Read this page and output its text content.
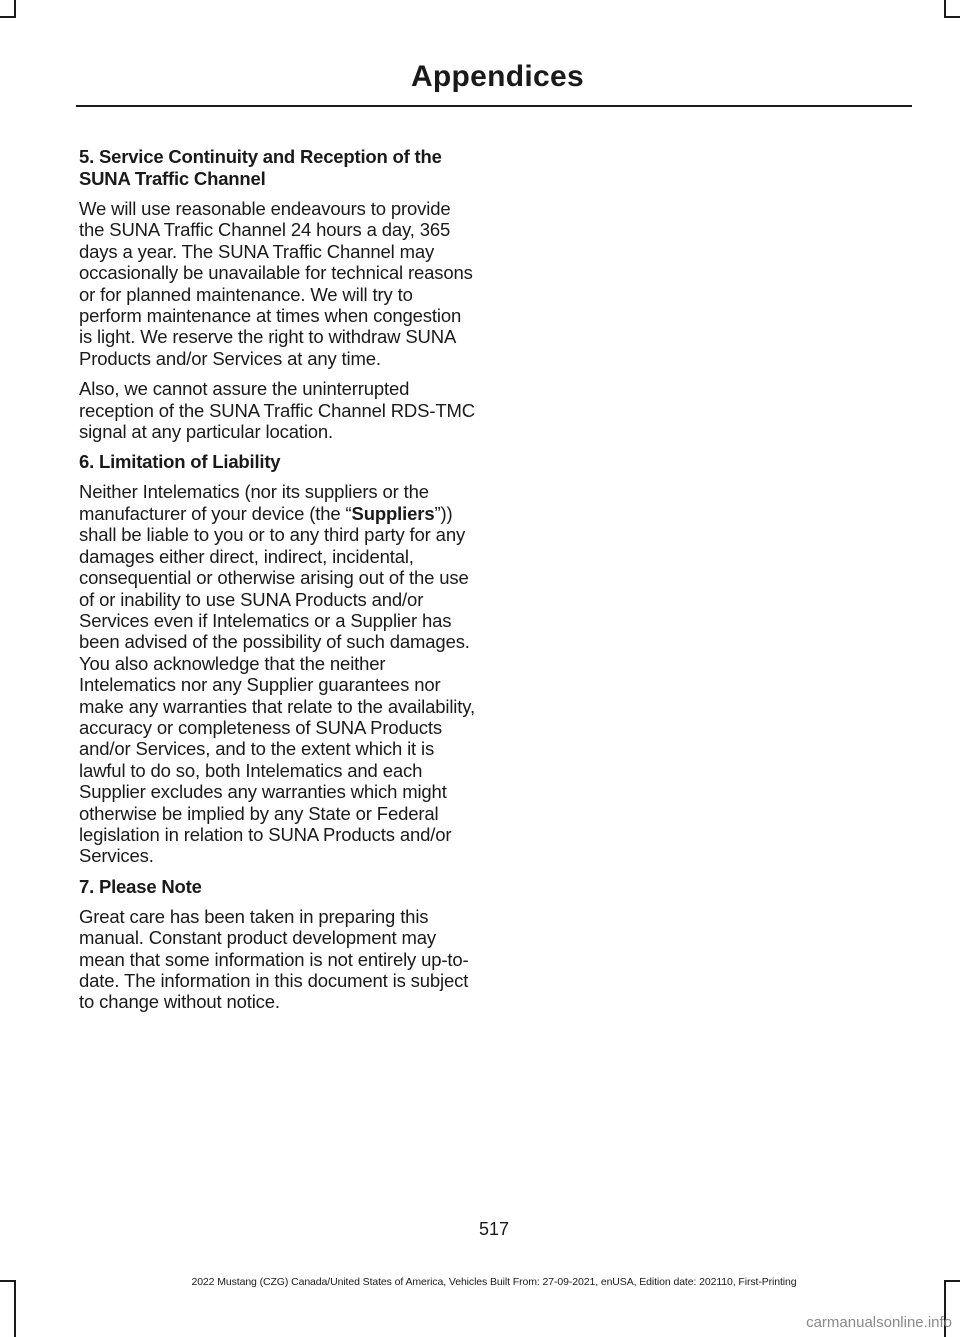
Appendices
5. Service Continuity and Reception of the SUNA Traffic Channel

We will use reasonable endeavours to provide the SUNA Traffic Channel 24 hours a day, 365 days a year. The SUNA Traffic Channel may occasionally be unavailable for technical reasons or for planned maintenance. We will try to perform maintenance at times when congestion is light. We reserve the right to withdraw SUNA Products and/or Services at any time.

Also, we cannot assure the uninterrupted reception of the SUNA Traffic Channel RDS-TMC signal at any particular location.

6. Limitation of Liability

Neither Intelematics (nor its suppliers or the manufacturer of your device (the “Suppliers”)) shall be liable to you or to any third party for any damages either direct, indirect, incidental, consequential or otherwise arising out of the use of or inability to use SUNA Products and/or Services even if Intelematics or a Supplier has been advised of the possibility of such damages. You also acknowledge that the neither Intelematics nor any Supplier guarantees nor make any warranties that relate to the availability, accuracy or completeness of SUNA Products and/or Services, and to the extent which it is lawful to do so, both Intelematics and each Supplier excludes any warranties which might otherwise be implied by any State or Federal legislation in relation to SUNA Products and/or Services.

7. Please Note

Great care has been taken in preparing this manual. Constant product development may mean that some information is not entirely up-to-date. The information in this document is subject to change without notice.

517
2022 Mustang (CZG) Canada/United States of America, Vehicles Built From: 27-09-2021, enUSA, Edition date: 202110, First-Printing
carmanualsonline.info
